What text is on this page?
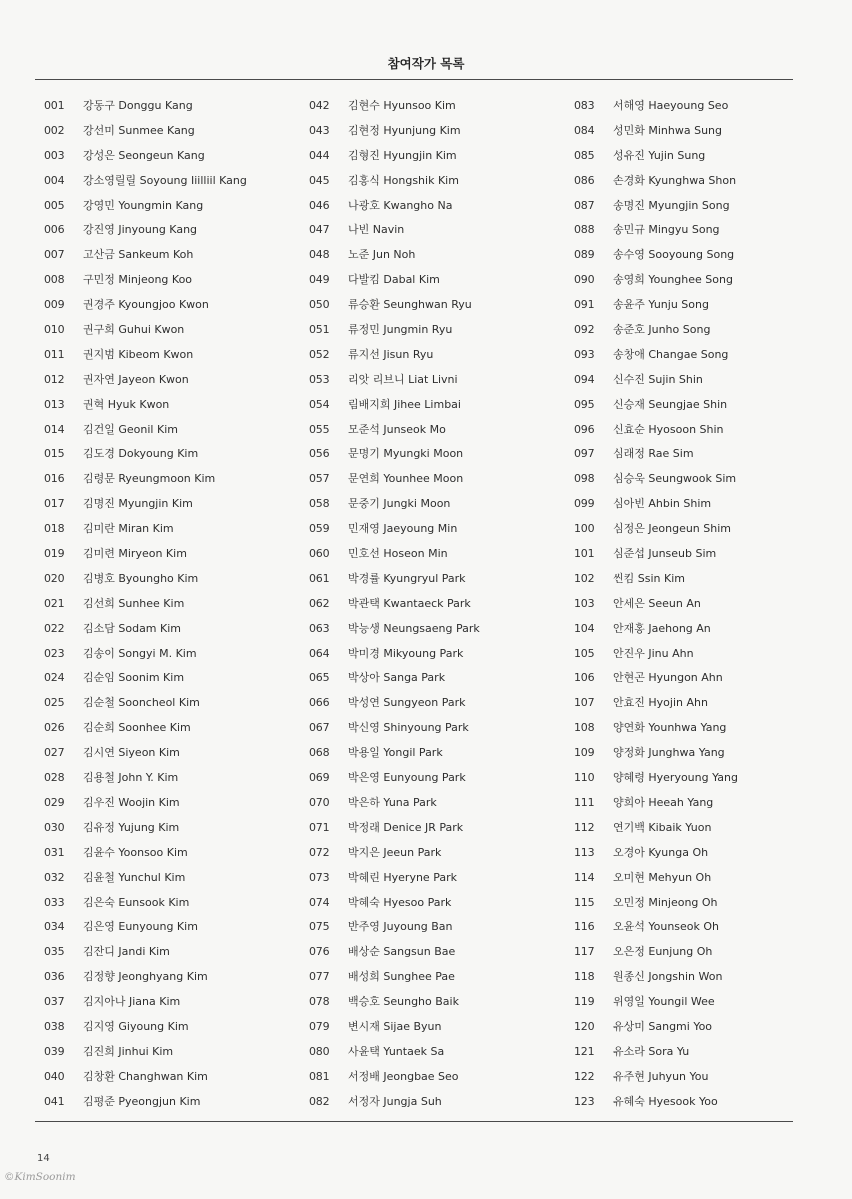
참여작가 목록
001	강동구 Donggu Kang
002	강선미 Sunmee Kang
003	강성은 Seongeun Kang
004	강소영릴릴 Soyoung Iiilliil Kang
005	강영민 Youngmin Kang
006	강진영 Jinyoung Kang
007	고산금 Sankeum Koh
008	구민정 Minjeong Koo
009	권경주 Kyoungjoo Kwon
010	권구희 Guhui Kwon
011	권지범 Kibeom Kwon
012	권자연 Jayeon Kwon
013	권혁 Hyuk Kwon
014	김건일 Geonil Kim
015	김도경 Dokyoung Kim
016	김령문 Ryeungmoon Kim
017	김명진 Myungjin Kim
018	김미란 Miran Kim
019	김미련 Miryeon Kim
020	김병호 Byoungho Kim
021	김선희 Sunhee Kim
022	김소담 Sodam Kim
023	김송이 Songyi M. Kim
024	김순임 Soonim Kim
025	김순철 Sooncheol Kim
026	김순희 Soonhee Kim
027	김시연 Siyeon Kim
028	김용철 John Y. Kim
029	김우진 Woojin Kim
030	김유정 Yujung Kim
031	김윤수 Yoonsoo Kim
032	김윤철 Yunchul Kim
033	김은숙 Eunsook Kim
034	김은영 Eunyoung Kim
035	김잔디 Jandi Kim
036	김정향 Jeonghyang Kim
037	김지아나 Jiana Kim
038	김지영 Giyoung Kim
039	김진희 Jinhui Kim
040	김창환 Changhwan Kim
041	김평준 Pyeongjun Kim
042	김현수 Hyunsoo Kim
043	김현정 Hyunjung Kim
044	김형진 Hyungjin Kim
045	김홍식 Hongshik Kim
046	나광호 Kwangho Na
047	나빈 Navin
048	노준 Jun Noh
049	다발킴 Dabal Kim
050	류승환 Seunghwan Ryu
051	류정민 Jungmin Ryu
052	류지선 Jisun Ryu
053	리앗 리브니 Liat Livni
054	림배지희 Jihee Limbai
055	모준석 Junseok Mo
056	문명기 Myungki Moon
057	문연희 Younhee Moon
058	문중기 Jungki Moon
059	민재영 Jaeyoung Min
060	민호선 Hoseon Min
061	박경률 Kyungryul Park
062	박관택 Kwantaeck Park
063	박능생 Neungsaeng Park
064	박미경 Mikyoung Park
065	박상아 Sanga Park
066	박성연 Sungyeon Park
067	박신영 Shinyoung Park
068	박용일 Yongil Park
069	박은영 Eunyoung Park
070	박은하 Yuna Park
071	박정래 Denice JR Park
072	박지은 Jeeun Park
073	박혜린 Hyeryne Park
074	박혜숙 Hyesoo Park
075	반주영 Juyoung Ban
076	배상순 Sangsun Bae
077	배성희 Sunghee Pae
078	백승호 Seungho Baik
079	변시재 Sijae Byun
080	사윤택 Yuntaek Sa
081	서정배 Jeongbae Seo
082	서정자 Jungja Suh
083	서해영 Haeyoung Seo
084	성민화 Minhwa Sung
085	성유진 Yujin Sung
086	손경화 Kyunghwa Shon
087	송명진 Myungjin Song
088	송민규 Mingyu Song
089	송수영 Sooyoung Song
090	송영희 Younghee Song
091	송윤주 Yunju Song
092	송준호 Junho Song
093	송창애 Changae Song
094	신수진 Sujin Shin
095	신승재 Seungjae Shin
096	신효순 Hyosoon Shin
097	심래정 Rae Sim
098	심승욱 Seungwook Sim
099	심아빈 Ahbin Shim
100	심정은 Jeongeun Shim
101	심준섭 Junseub Sim
102	씬킴 Ssin Kim
103	안세은 Seeun An
104	안재홍 Jaehong An
105	안진우 Jinu Ahn
106	안현곤 Hyungon Ahn
107	안효진 Hyojin Ahn
108	양연화 Younhwa Yang
109	양정화 Junghwa Yang
110	양혜령 Hyeryoung Yang
111	양희아 Heeah Yang
112	연기백 Kibaik Yuon
113	오경아 Kyunga Oh
114	오미현 Mehyun Oh
115	오민정 Minjeong Oh
116	오윤석 Younseok Oh
117	오은정 Eunjung Oh
118	원종신 Jongshin Won
119	위영일 Youngil Wee
120	유상미 Sangmi Yoo
121	유소라 Sora Yu
122	유주현 Juhyun You
123	유혜숙 Hyesook Yoo
14
©KimSoonim
